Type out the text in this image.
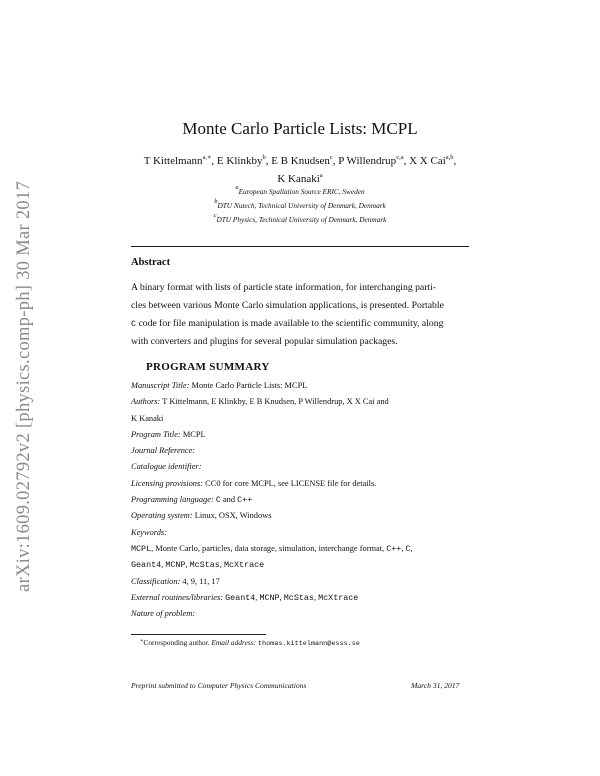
arXiv:1609.02792v2 [physics.comp-ph] 30 Mar 2017
Monte Carlo Particle Lists: MCPL
T Kittelmann$^{a,∗}$, E Klinkby$^b$, E B Knudsen$^c$, P Willendrup$^{c,a}$, X X Cai$^{a,b}$,
K Kanaki$^a$
$^a$European Spallation Source ERIC, Sweden
$^b$DTU Nutech, Technical University of Denmark, Denmark
$^c$DTU Physics, Technical University of Denmark, Denmark
Abstract
A binary format with lists of particle state information, for interchanging parti-
cles between various Monte Carlo simulation applications, is presented. Portable
C code for file manipulation is made available to the scientific community, along
with converters and plugins for several popular simulation packages.
PROGRAM SUMMARY
Manuscript Title: Monte Carlo Particle Lists: MCPL
Authors: T Kittelmann, E Klinkby, E B Knudsen, P Willendrup, X X Cai and
K Kanaki
Program Title: MCPL
Journal Reference:
Catalogue identifier:
Licensing provisions: CC0 for core MCPL, see LICENSE file for details.
Programming language: C and C++
Operating system: Linux, OSX, Windows
Keywords:
MCPL, Monte Carlo, particles, data storage, simulation, interchange format, C++, C,
Geant4, MCNP, McStas, McXtrace
Classification: 4, 9, 11, 17
External routines/libraries: Geant4, MCNP, McStas, McXtrace
Nature of problem:
∗Corresponding author. Email address: thomas.kittelmann@esss.se
Preprint submitted to Computer Physics Communications	March 31, 2017
